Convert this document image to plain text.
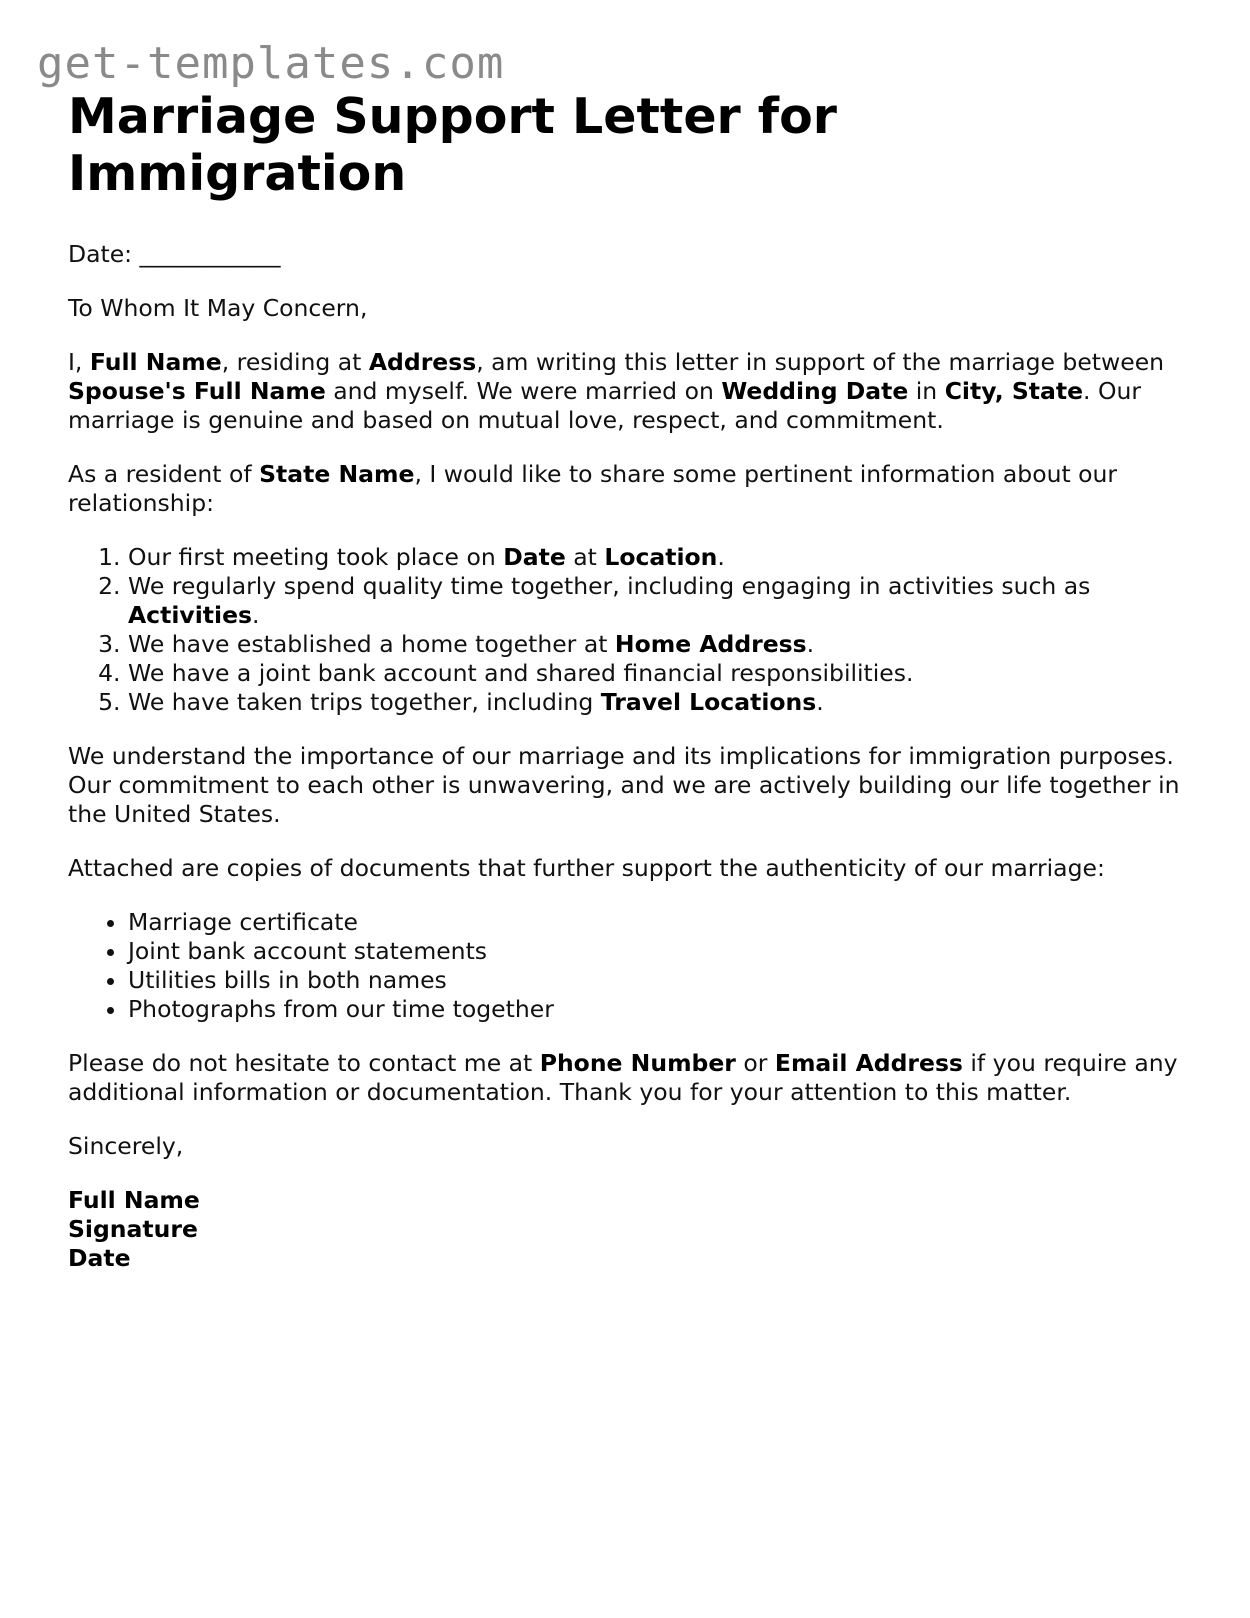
get-templates.com
Marriage Support Letter for Immigration

Date: ____________

To Whom It May Concern,

I, Full Name, residing at Address, am writing this letter in support of the marriage between Spouse's Full Name and myself. We were married on Wedding Date in City, State. Our marriage is genuine and based on mutual love, respect, and commitment.

As a resident of State Name, I would like to share some pertinent information about our relationship:

1. Our first meeting took place on Date at Location.
2. We regularly spend quality time together, including engaging in activities such as Activities.
3. We have established a home together at Home Address.
4. We have a joint bank account and shared financial responsibilities.
5. We have taken trips together, including Travel Locations.

We understand the importance of our marriage and its implications for immigration purposes. Our commitment to each other is unwavering, and we are actively building our life together in the United States.

Attached are copies of documents that further support the authenticity of our marriage:

• Marriage certificate
• Joint bank account statements
• Utilities bills in both names
• Photographs from our time together

Please do not hesitate to contact me at Phone Number or Email Address if you require any additional information or documentation. Thank you for your attention to this matter.

Sincerely,

Full Name
Signature
Date
